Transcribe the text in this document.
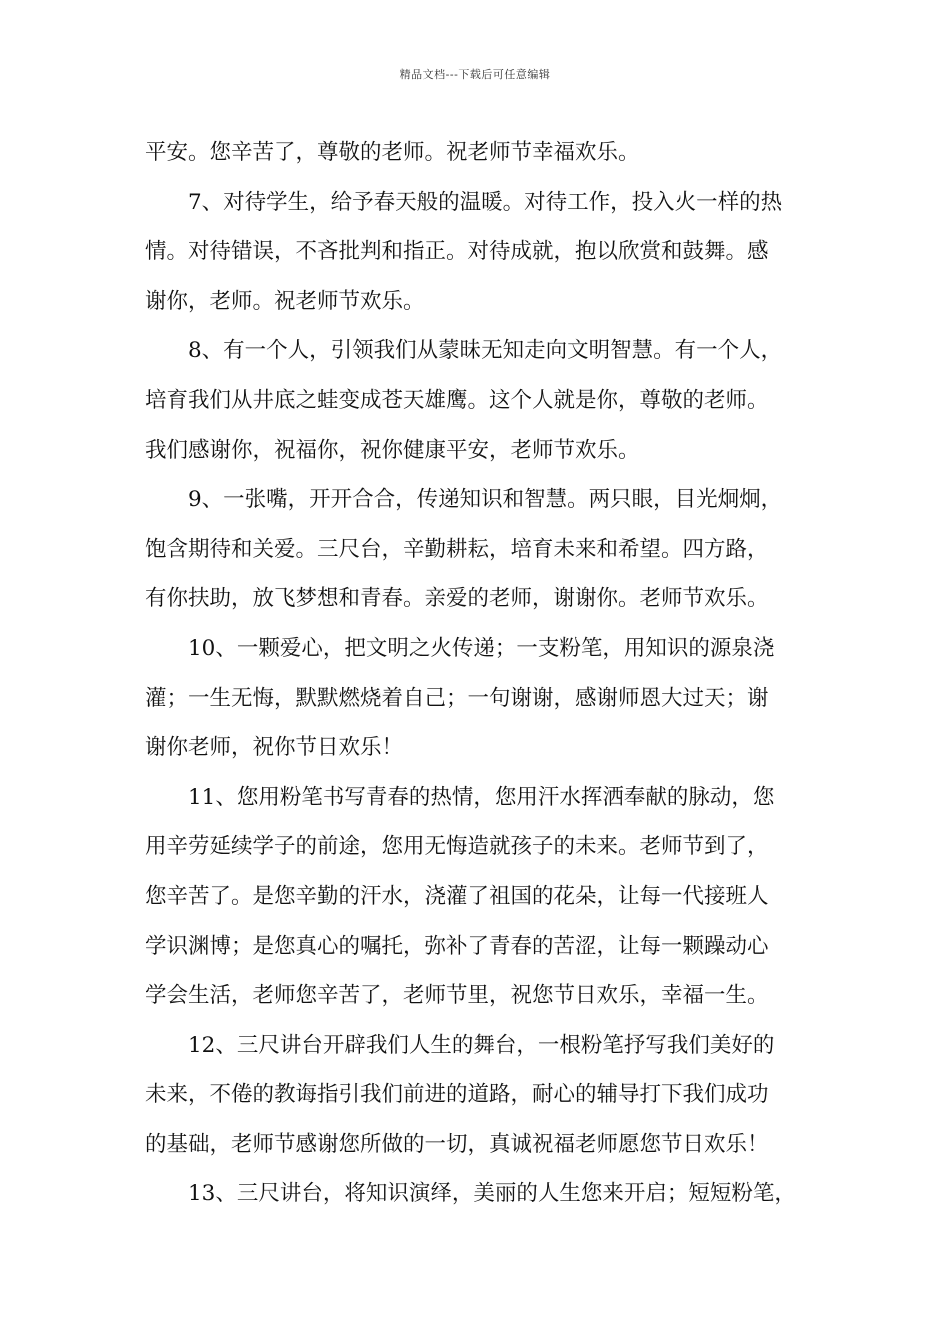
精品文档---下载后可任意编辑
平安。您辛苦了，尊敬的老师。祝老师节幸福欢乐。
7、对待学生，给予春天般的温暖。对待工作，投入火一样的热
情。对待错误，不吝批判和指正。对待成就，抱以欣赏和鼓舞。感
谢你，老师。祝老师节欢乐。
8、有一个人，引领我们从蒙昧无知走向文明智慧。有一个人，
培育我们从井底之蛙变成苍天雄鹰。这个人就是你，尊敬的老师。
我们感谢你，祝福你，祝你健康平安，老师节欢乐。
9、一张嘴，开开合合，传递知识和智慧。两只眼，目光炯炯，
饱含期待和关爱。三尺台，辛勤耕耘，培育未来和希望。四方路，
有你扶助，放飞梦想和青春。亲爱的老师，谢谢你。老师节欢乐。
10、一颗爱心，把文明之火传递；一支粉笔，用知识的源泉浇
灌；一生无悔，默默燃烧着自己；一句谢谢，感谢师恩大过天；谢
谢你老师，祝你节日欢乐！
11、您用粉笔书写青春的热情，您用汗水挥洒奉献的脉动，您
用辛劳延续学子的前途，您用无悔造就孩子的未来。老师节到了，
您辛苦了。是您辛勤的汗水，浇灌了祖国的花朵，让每一代接班人
学识渊博；是您真心的嘱托，弥补了青春的苦涩，让每一颗躁动心
学会生活，老师您辛苦了，老师节里，祝您节日欢乐，幸福一生。
12、三尺讲台开辟我们人生的舞台，一根粉笔抒写我们美好的
未来，不倦的教诲指引我们前进的道路，耐心的辅导打下我们成功
的基础，老师节感谢您所做的一切，真诚祝福老师愿您节日欢乐！
13、三尺讲台，将知识演绎，美丽的人生您来开启；短短粉笔，
